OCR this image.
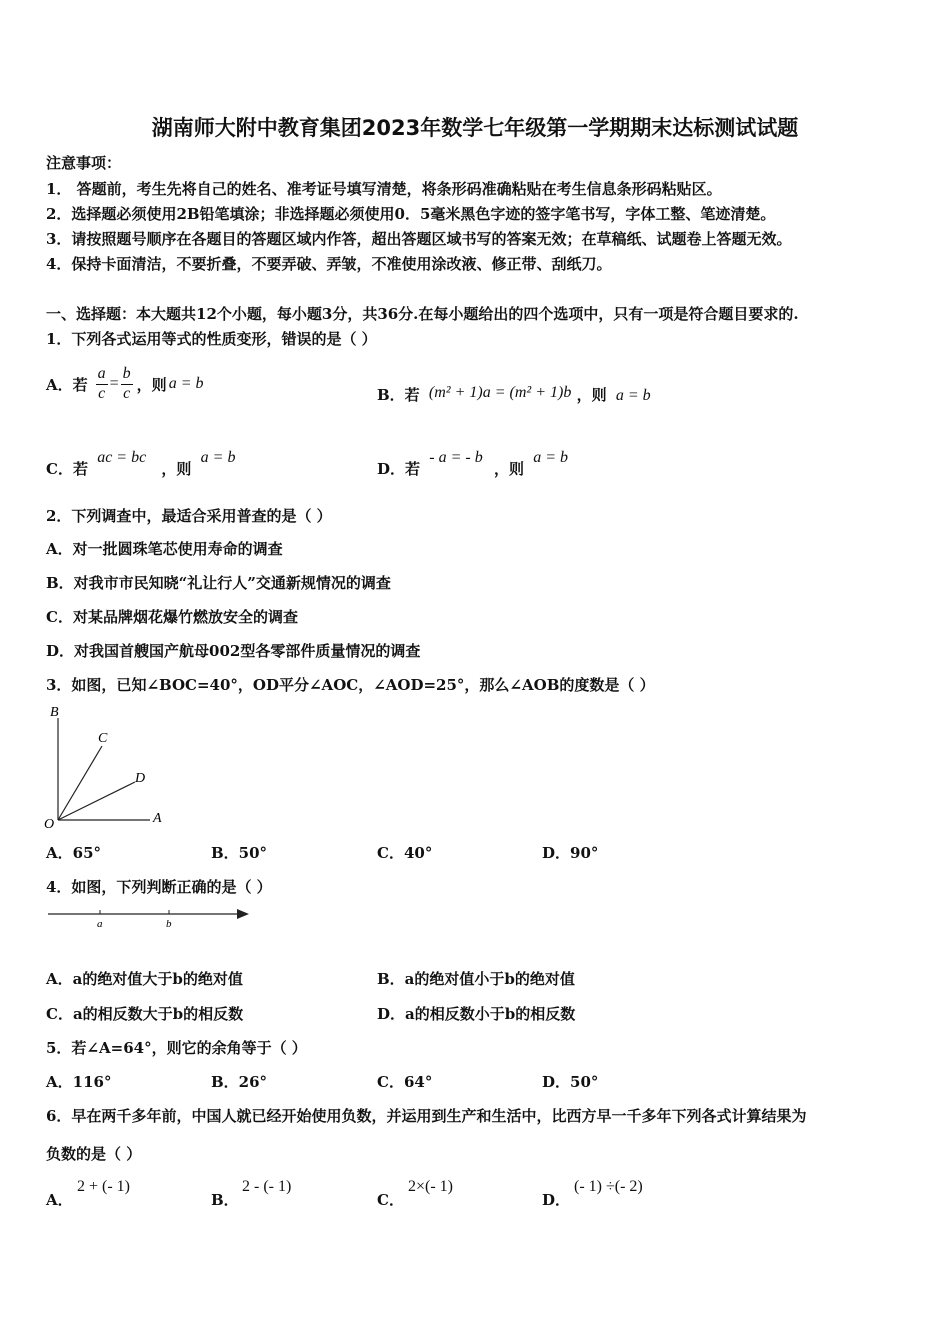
湖南师大附中教育集团2023年数学七年级第一学期期末达标测试试题
注意事项：
1． 答题前，考生先将自己的姓名、准考证号填写清楚，将条形码准确粘贴在考生信息条形码粘贴区。
2．选择题必须使用2B铅笔填涂；非选择题必须使用0．5毫米黑色字迹的签字笔书写，字体工整、笔迹清楚。
3．请按照题号顺序在各题目的答题区域内作答，超出答题区域书写的答案无效；在草稿纸、试题卷上答题无效。
4．保持卡面清洁，不要折叠，不要弄破、弄皱，不准使用涂改液、修正带、刮纸刀。
一、选择题：本大题共12个小题，每小题3分，共36分.在每小题给出的四个选项中，只有一项是符合题目要求的.
1．下列各式运用等式的性质变形，错误的是（ ）
A．若 $\frac{a}{c} = \frac{b}{c}$ ，则 a = b
B．若 (m² + 1)a = (m² + 1)b ，则 a = b
C．若 ac = bc ，则 a = b
D．若 - a = - b ，则 a = b
2．下列调查中，最适合采用普查的是（ ）
A．对一批圆珠笔芯使用寿命的调查
B．对我市市民知晓“礼让行人”交通新规情况的调查
C．对某品牌烟花爆竹燃放安全的调查
D．对我国首艘国产航母002型各零部件质量情况的调查
3．如图，已知∠BOC=40°，OD平分∠AOC，∠AOD=25°，那么∠AOB的度数是（ ）
B
C
D
O	A
A．65°	B．50°	C．40°	D．90°
4．如图，下列判断正确的是（ ）
a	b
A．a的绝对值大于b的绝对值	B．a的绝对值小于b的绝对值
C．a的相反数大于b的相反数	D．a的相反数小于b的相反数
5．若∠A=64°，则它的余角等于（ ）
A．116°	B．26°	C．64°	D．50°
6．早在两千多年前，中国人就已经开始使用负数，并运用到生产和生活中，比西方早一千多年下列各式计算结果为
负数的是（ ）
A．
2 + (- 1)
B．
2 - (- 1)
C．
2×(- 1)
D．
(- 1) ÷(- 2)
